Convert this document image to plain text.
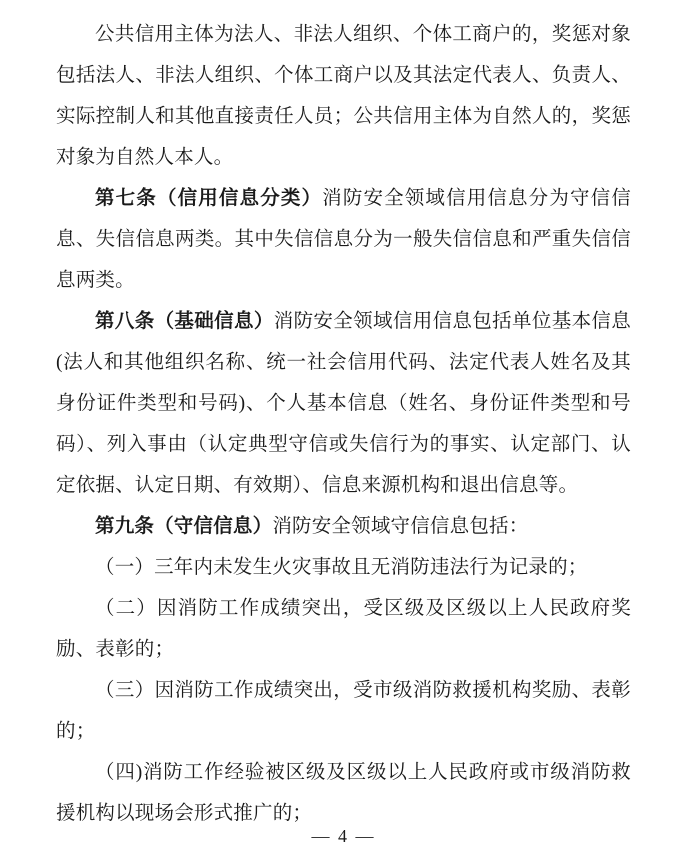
公共信用主体为法人、非法人组织、个体工商户的，奖惩对象包括法人、非法人组织、个体工商户以及其法定代表人、负责人、实际控制人和其他直接责任人员；公共信用主体为自然人的，奖惩对象为自然人本人。

第七条（信用信息分类）消防安全领域信用信息分为守信信息、失信信息两类。其中失信信息分为一般失信信息和严重失信信息两类。

第八条（基础信息）消防安全领域信用信息包括单位基本信息(法人和其他组织名称、统一社会信用代码、法定代表人姓名及其身份证件类型和号码)、个人基本信息（姓名、身份证件类型和号码）、列入事由（认定典型守信或失信行为的事实、认定部门、认定依据、认定日期、有效期）、信息来源机构和退出信息等。

第九条（守信信息）消防安全领域守信信息包括：

（一）三年内未发生火灾事故且无消防违法行为记录的；

（二）因消防工作成绩突出，受区级及区级以上人民政府奖励、表彰的；

（三）因消防工作成绩突出，受市级消防救援机构奖励、表彰的；

（四)消防工作经验被区级及区级以上人民政府或市级消防救援机构以现场会形式推广的；

— 4 —
